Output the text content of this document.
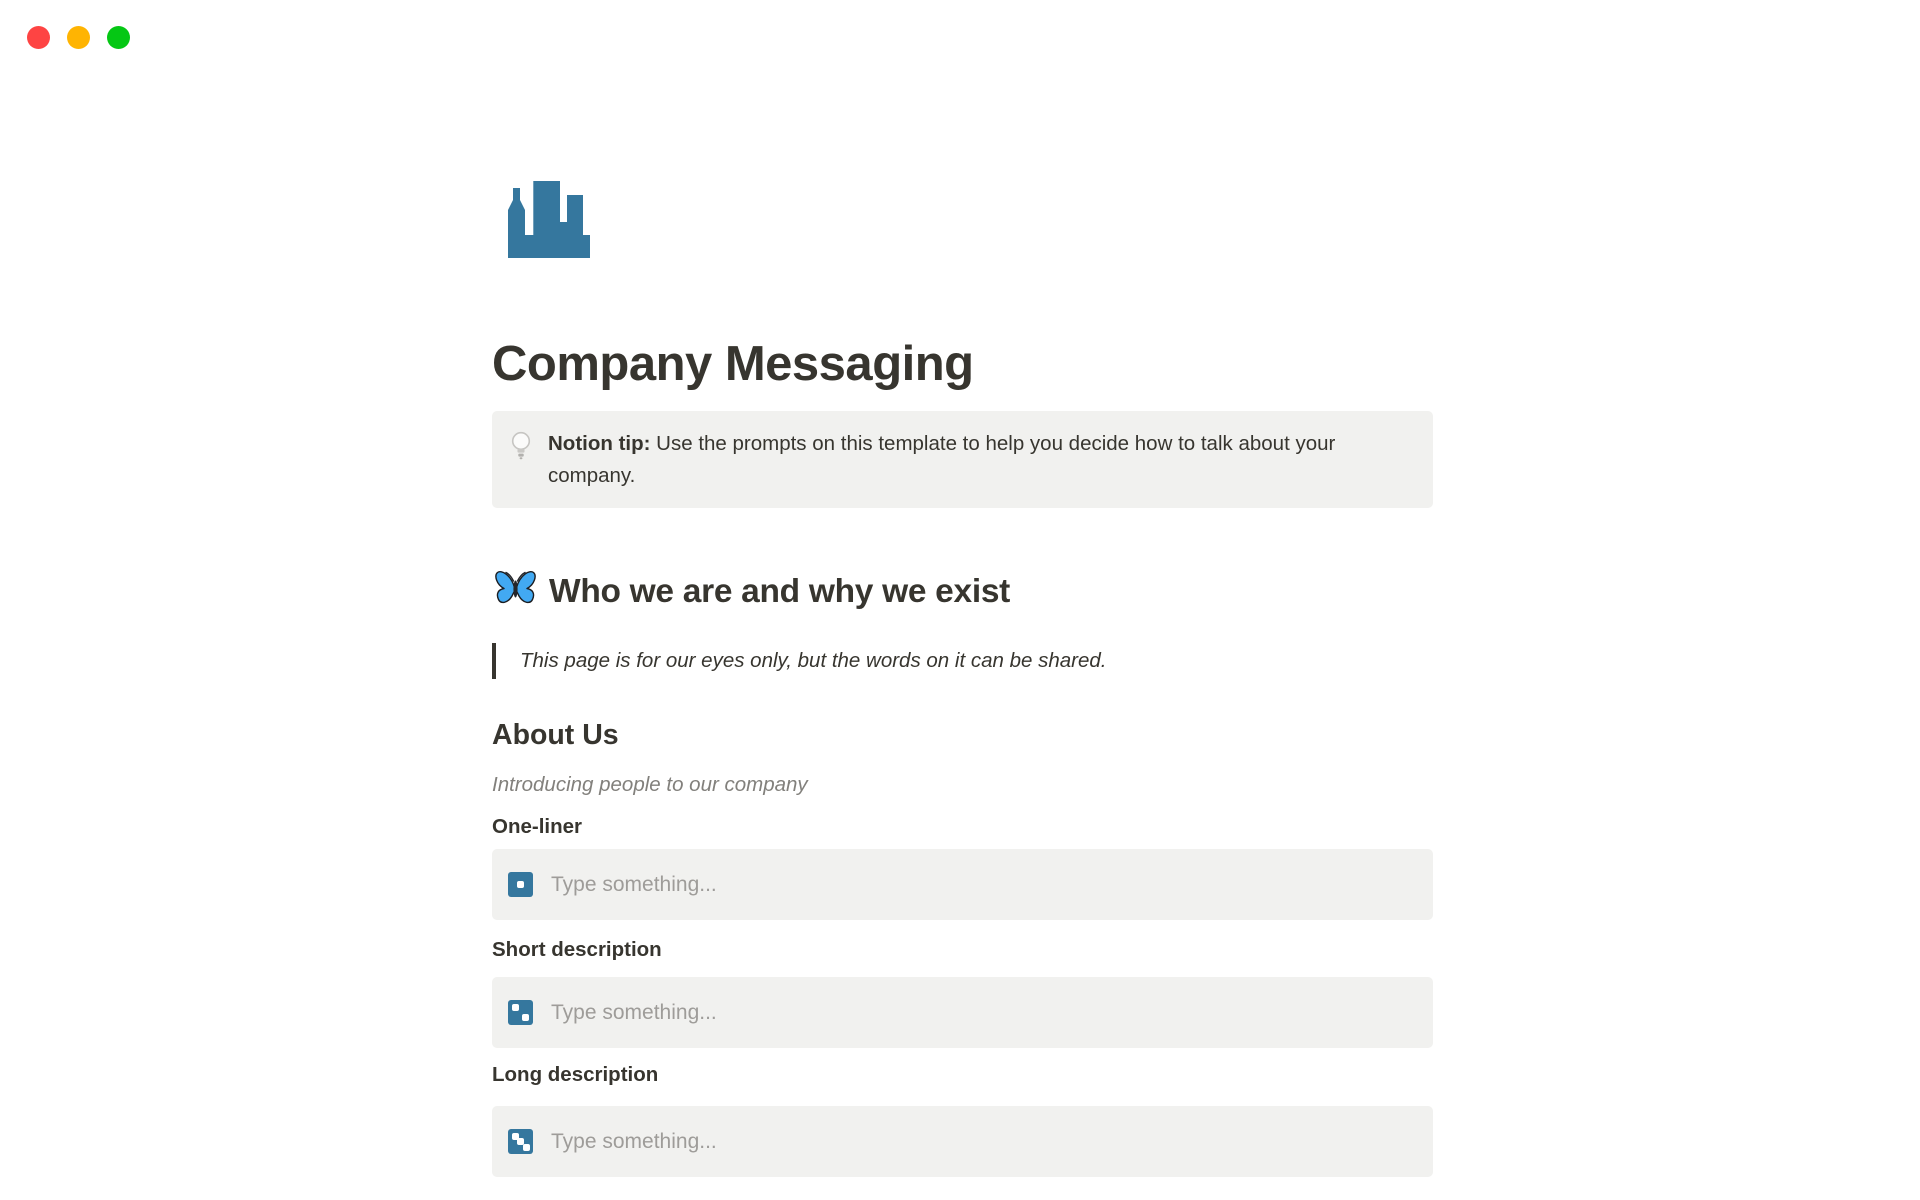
Company Messaging
Notion tip: Use the prompts on this template to help you decide how to talk about your company.
Who we are and why we exist
This page is for our eyes only, but the words on it can be shared.
About Us
Introducing people to our company
One-liner
Type something...
Short description
Type something...
Long description
Type something...
